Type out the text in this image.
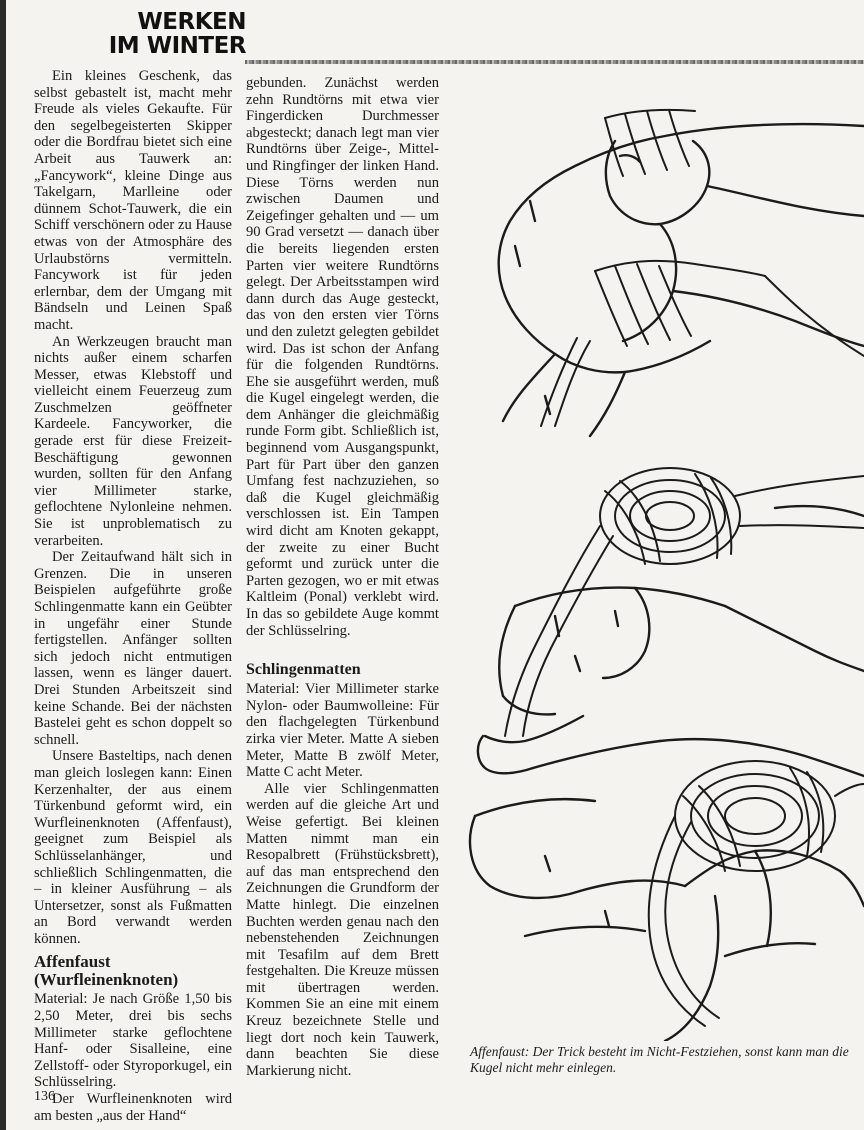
WERKEN
IM WINTER

Ein kleines Geschenk, das selbst gebastelt ist, macht mehr Freude als vieles Gekaufte. Für den segelbegeisterten Skipper oder die Bordfrau bietet sich eine Arbeit aus Tauwerk an: „Fancywork“, kleine Dinge aus Takelgarn, Marlleine oder dünnem Schot-Tauwerk, die ein Schiff verschönern oder zu Hause etwas von der Atmosphäre des Urlaubstörns vermitteln. Fancywork ist für jeden erlernbar, dem der Umgang mit Bändseln und Leinen Spaß macht.

An Werkzeugen braucht man nichts außer einem scharfen Messer, etwas Klebstoff und vielleicht einem Feuerzeug zum Zuschmelzen geöffneter Kardeele. Fancyworker, die gerade erst für diese Freizeit-Beschäftigung gewonnen wurden, sollten für den Anfang vier Millimeter starke, geflochtene Nylonleine nehmen. Sie ist unproblematisch zu verarbeiten.

Der Zeitaufwand hält sich in Grenzen. Die in unseren Beispielen aufgeführte große Schlingenmatte kann ein Geübter in ungefähr einer Stunde fertigstellen. Anfänger sollten sich jedoch nicht entmutigen lassen, wenn es länger dauert. Drei Stunden Arbeitszeit sind keine Schande. Bei der nächsten Bastelei geht es schon doppelt so schnell.

Unsere Basteltips, nach denen man gleich loslegen kann: Einen Kerzenhalter, der aus einem Türkenbund geformt wird, ein Wurfleinenknoten (Affenfaust), geeignet zum Beispiel als Schlüsselanhänger, und schließlich Schlingenmatten, die – in kleiner Ausführung – als Untersetzer, sonst als Fußmatten an Bord verwandt werden können.

Affenfaust
(Wurfleinenknoten)

Material: Je nach Größe 1,50 bis 2,50 Meter, drei bis sechs Millimeter starke geflochtene Hanf- oder Sisalleine, eine Zellstoff- oder Styroporkugel, ein Schlüsselring.

Der Wurfleinenknoten wird am besten „aus der Hand“

gebunden. Zunächst werden zehn Rundtörns mit etwa vier Fingerdicken Durchmesser abgesteckt; danach legt man vier Rundtörns über Zeige-, Mittel- und Ringfinger der linken Hand. Diese Törns werden nun zwischen Daumen und Zeigefinger gehalten und — um 90 Grad versetzt — danach über die bereits liegenden ersten Parten vier weitere Rundtörns gelegt. Der Arbeitsstampen wird dann durch das Auge gesteckt, das von den ersten vier Törns und den zuletzt gelegten gebildet wird. Das ist schon der Anfang für die folgenden Rundtörns. Ehe sie ausgeführt werden, muß die Kugel eingelegt werden, die dem Anhänger die gleichmäßig runde Form gibt. Schließlich ist, beginnend vom Ausgangspunkt, Part für Part über den ganzen Umfang fest nachzuziehen, so daß die Kugel gleichmäßig verschlossen ist. Ein Tampen wird dicht am Knoten gekappt, der zweite zu einer Bucht geformt und zurück unter die Parten gezogen, wo er mit etwas Kaltleim (Ponal) verklebt wird. In das so gebildete Auge kommt der Schlüsselring.

Schlingenmatten

Material: Vier Millimeter starke Nylon- oder Baumwolleine: Für den flachgelegten Türkenbund zirka vier Meter. Matte A sieben Meter, Matte B zwölf Meter, Matte C acht Meter.

Alle vier Schlingenmatten werden auf die gleiche Art und Weise gefertigt. Bei kleinen Matten nimmt man ein Resopalbrett (Frühstücksbrett), auf das man entsprechend den Zeichnungen die Grundform der Matte hinlegt. Die einzelnen Buchten werden genau nach den nebenstehenden Zeichnungen mit Tesafilm auf dem Brett festgehalten. Die Kreuze müssen mit übertragen werden. Kommen Sie an eine mit einem Kreuz bezeichnete Stelle und liegt dort noch kein Tauwerk, dann beachten Sie diese Markierung nicht.

Affenfaust: Der Trick besteht im Nicht-Festziehen, sonst kann man die Kugel nicht mehr einlegen.
136
